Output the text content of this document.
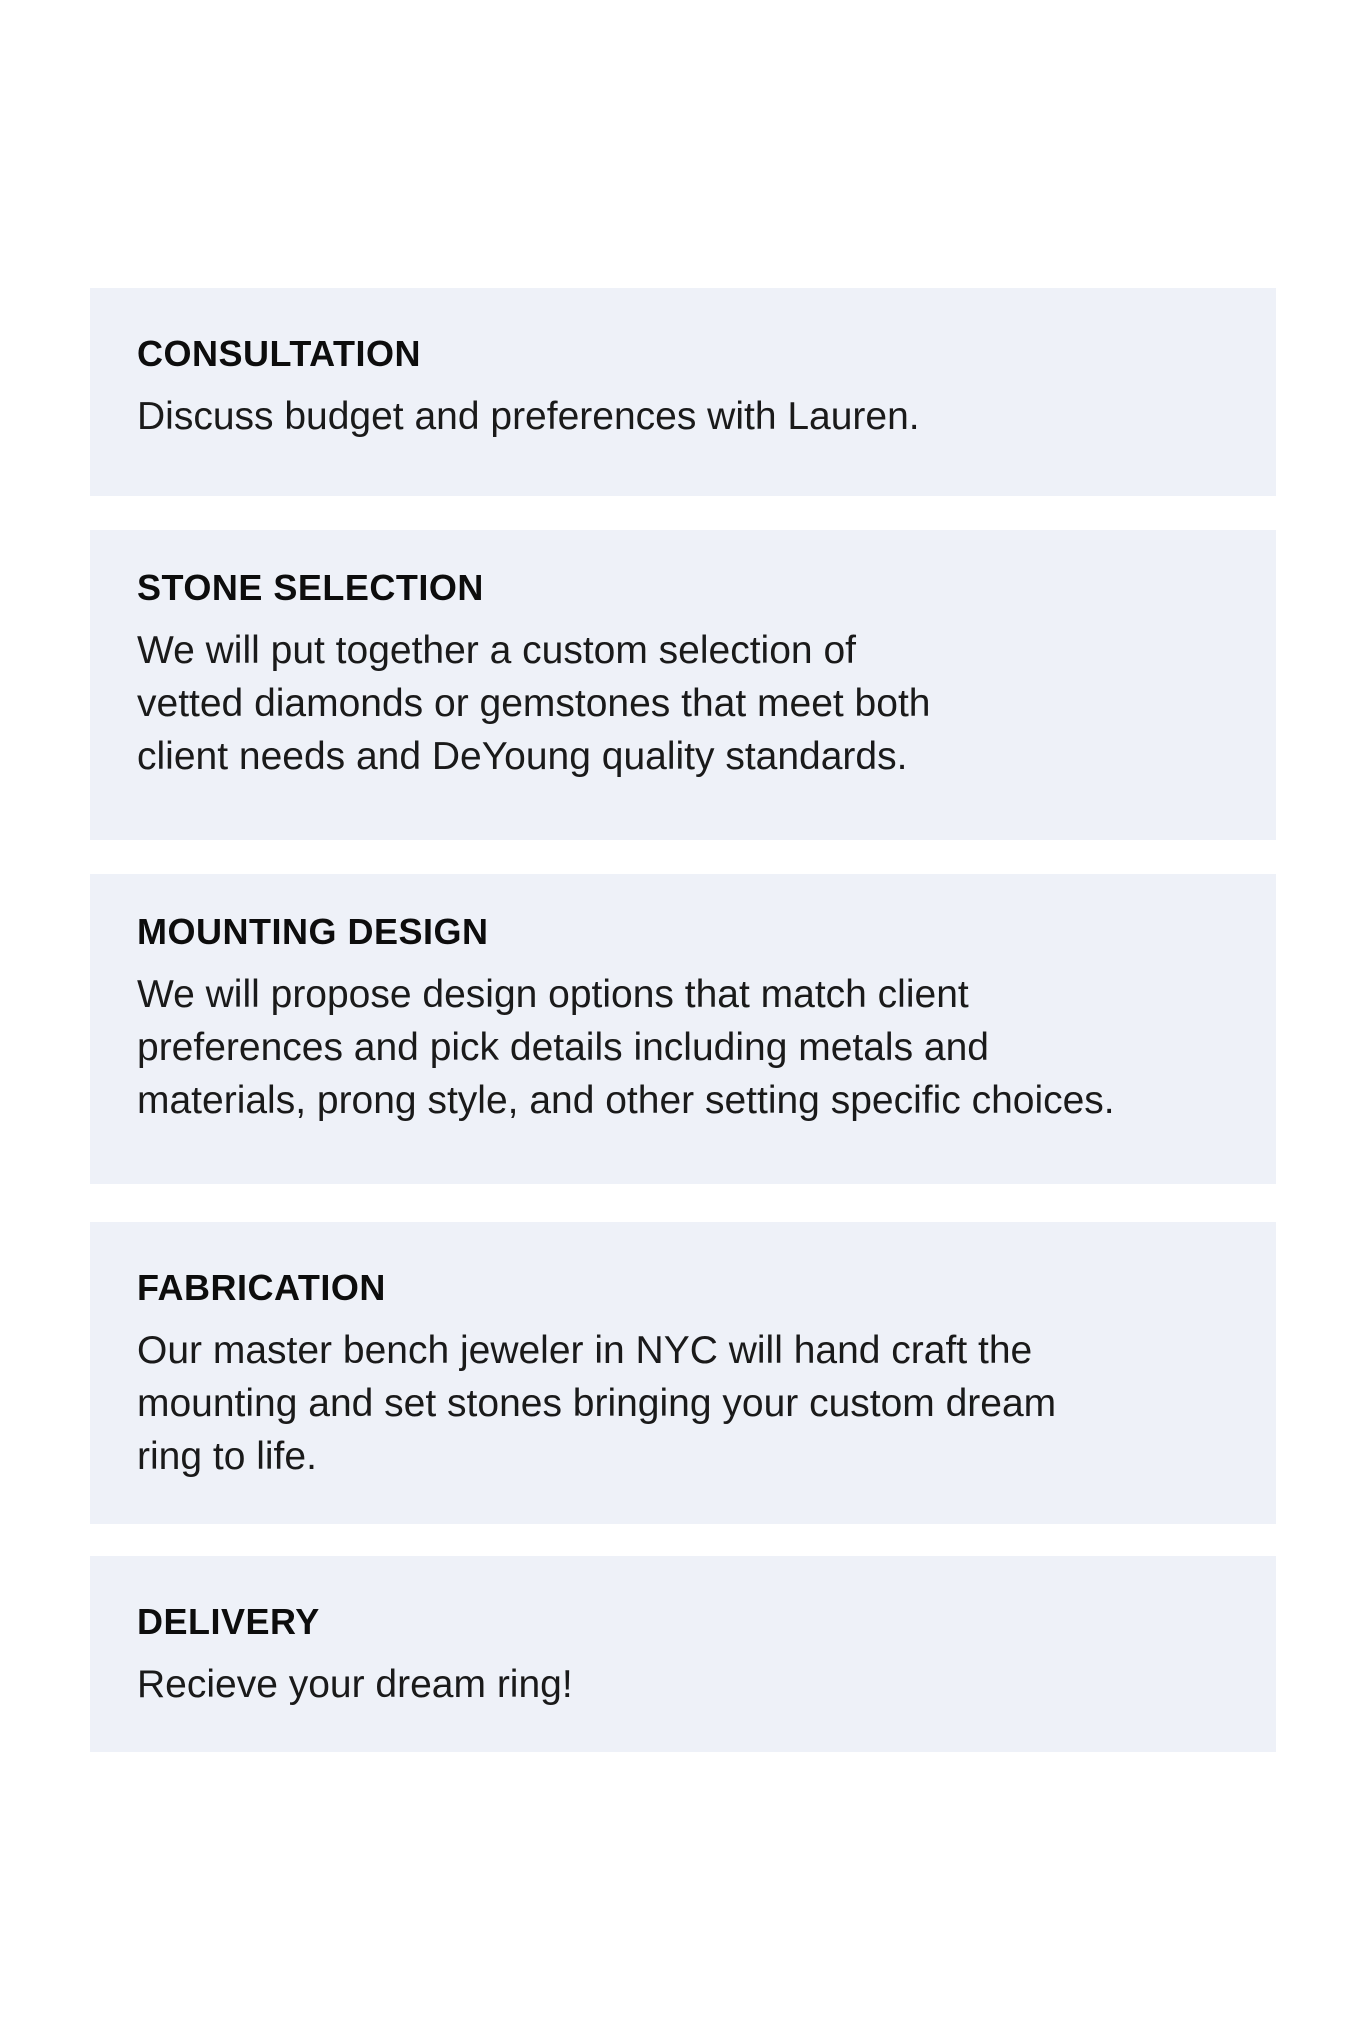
CONSULTATION

Discuss budget and preferences with Lauren.

STONE SELECTION

We will put together a custom selection of
vetted diamonds or gemstones that meet both
client needs and DeYoung quality standards.

MOUNTING DESIGN

We will propose design options that match client
preferences and pick details including metals and
materials, prong style, and other setting specific choices.

FABRICATION

Our master bench jeweler in NYC will hand craft the
mounting and set stones bringing your custom dream
ring to life.

DELIVERY

Recieve your dream ring!
